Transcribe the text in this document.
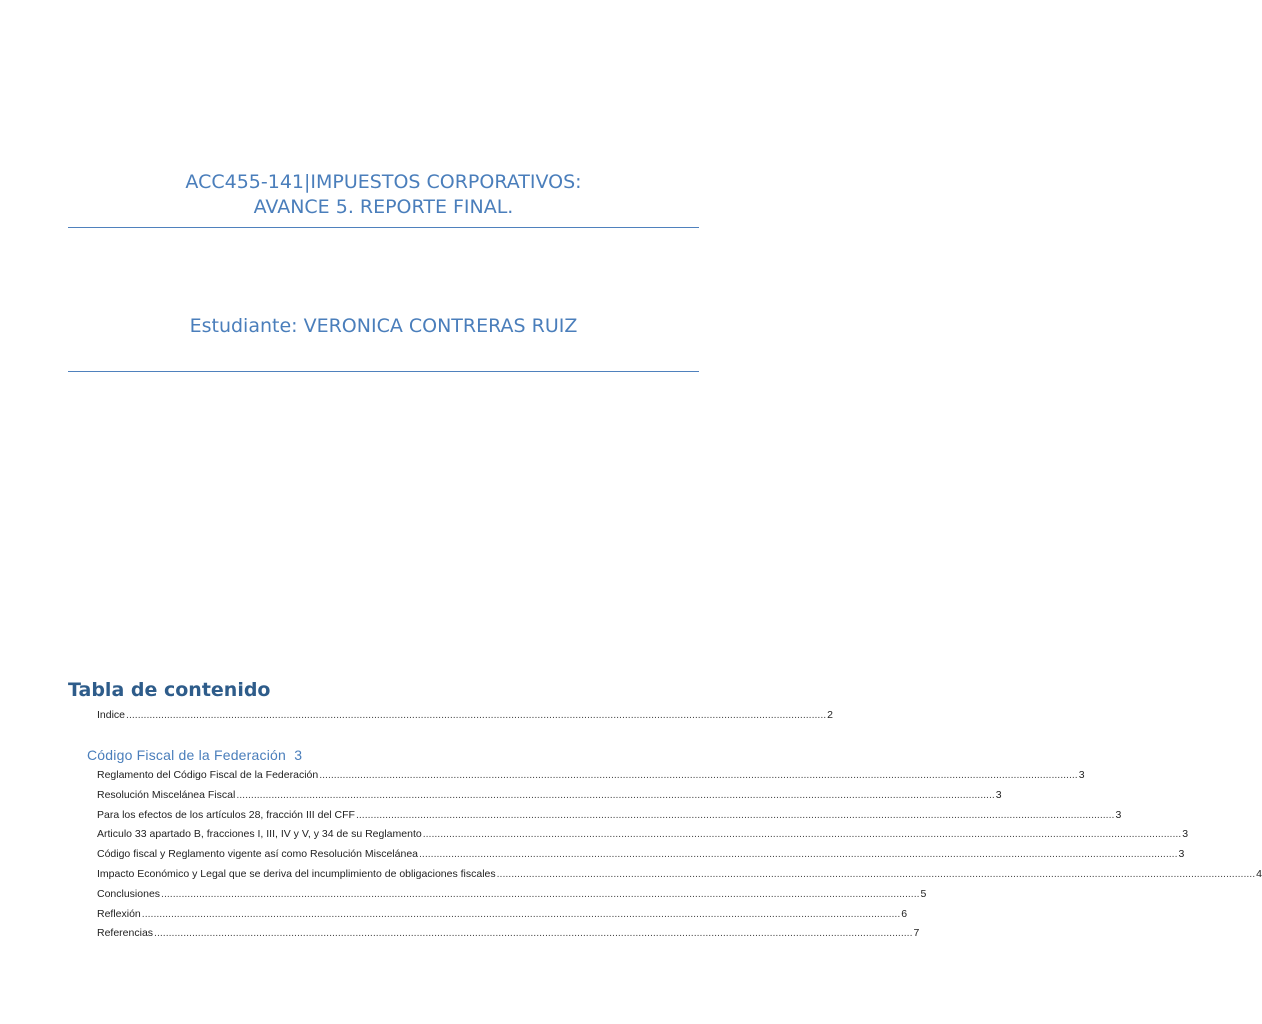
ACC455-141|IMPUESTOS CORPORATIVOS:
AVANCE 5. REPORTE FINAL.
Estudiante: VERONICA CONTRERAS RUIZ
Tabla de contenido
Indice ................................................................................................................................................................................................................................................ 2
Código Fiscal de la Federación 3
Reglamento del Código Fiscal de la Federación .................................................................................................................................................................................................................................................................... 3
Resolución Miscelánea Fiscal .................................................................................................................................................................................................................................................................... 3
Para los efectos de los artículos 28, fracción III del CFF .................................................................................................................................................................................................................................................................... 3
Articulo 33 apartado B, fracciones I, III, IV y V, y 34 de su Reglamento .................................................................................................................................................................................................................................................................... 3
Código fiscal y Reglamento vigente así como Resolución Miscelánea .................................................................................................................................................................................................................................................................... 3
Impacto Económico y Legal que se deriva del incumplimiento de obligaciones fiscales .................................................................................................................................................................................................................................................................... 4
Conclusiones .................................................................................................................................................................................................................................................................... 5
Reflexión .................................................................................................................................................................................................................................................................... 6
Referencias .................................................................................................................................................................................................................................................................... 7
